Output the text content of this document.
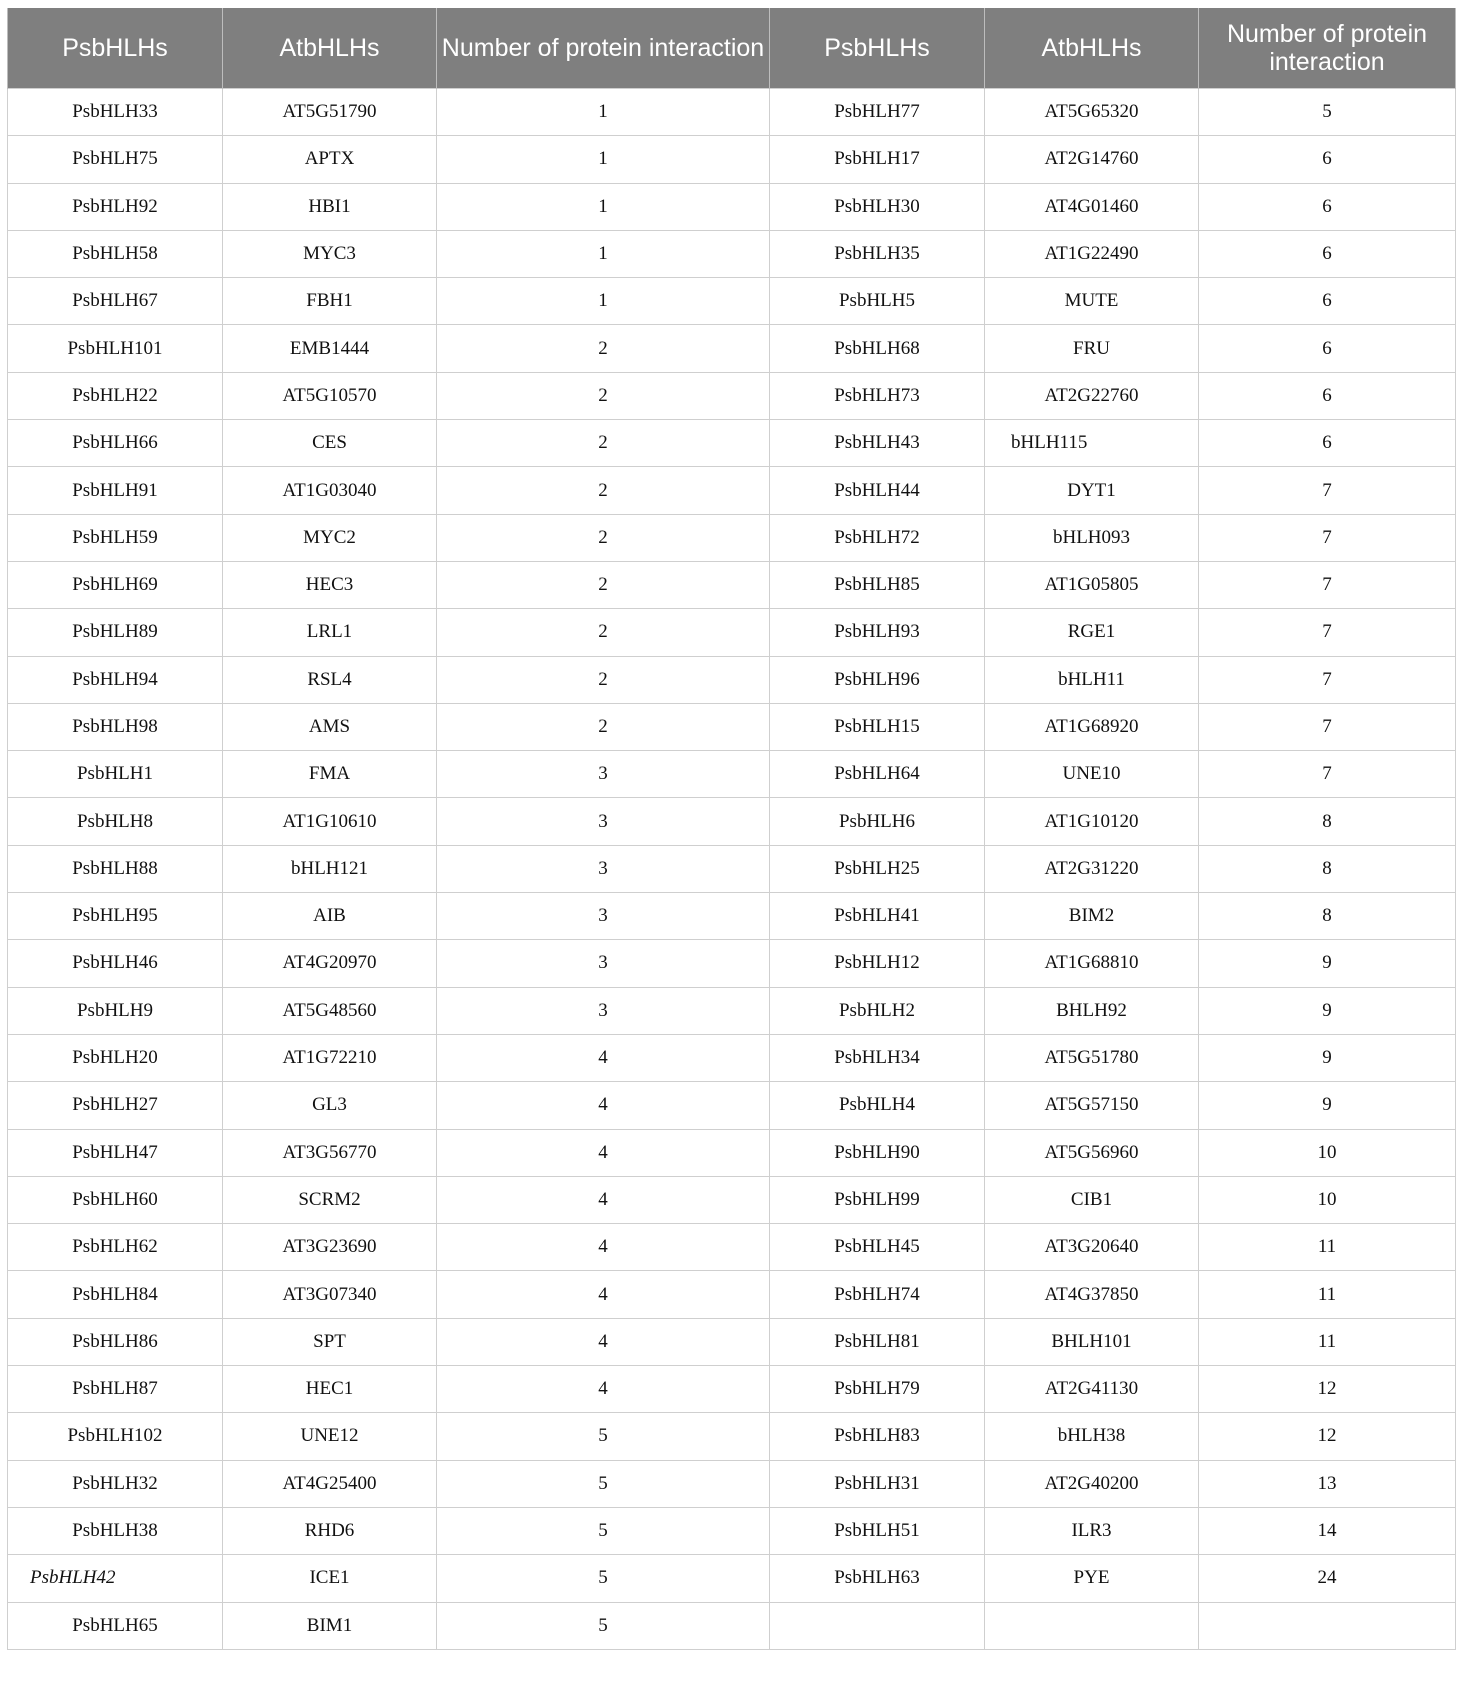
PsbHLHs	AtbHLHs	Number of protein interaction	PsbHLHs	AtbHLHs	Number of protein interaction
PsbHLH33	AT5G51790	1	PsbHLH77	AT5G65320	5
PsbHLH75	APTX	1	PsbHLH17	AT2G14760	6
PsbHLH92	HBI1	1	PsbHLH30	AT4G01460	6
PsbHLH58	MYC3	1	PsbHLH35	AT1G22490	6
PsbHLH67	FBH1	1	PsbHLH5	MUTE	6
PsbHLH101	EMB1444	2	PsbHLH68	FRU	6
PsbHLH22	AT5G10570	2	PsbHLH73	AT2G22760	6
PsbHLH66	CES	2	PsbHLH43	bHLH115	6
PsbHLH91	AT1G03040	2	PsbHLH44	DYT1	7
PsbHLH59	MYC2	2	PsbHLH72	bHLH093	7
PsbHLH69	HEC3	2	PsbHLH85	AT1G05805	7
PsbHLH89	LRL1	2	PsbHLH93	RGE1	7
PsbHLH94	RSL4	2	PsbHLH96	bHLH11	7
PsbHLH98	AMS	2	PsbHLH15	AT1G68920	7
PsbHLH1	FMA	3	PsbHLH64	UNE10	7
PsbHLH8	AT1G10610	3	PsbHLH6	AT1G10120	8
PsbHLH88	bHLH121	3	PsbHLH25	AT2G31220	8
PsbHLH95	AIB	3	PsbHLH41	BIM2	8
PsbHLH46	AT4G20970	3	PsbHLH12	AT1G68810	9
PsbHLH9	AT5G48560	3	PsbHLH2	BHLH92	9
PsbHLH20	AT1G72210	4	PsbHLH34	AT5G51780	9
PsbHLH27	GL3	4	PsbHLH4	AT5G57150	9
PsbHLH47	AT3G56770	4	PsbHLH90	AT5G56960	10
PsbHLH60	SCRM2	4	PsbHLH99	CIB1	10
PsbHLH62	AT3G23690	4	PsbHLH45	AT3G20640	11
PsbHLH84	AT3G07340	4	PsbHLH74	AT4G37850	11
PsbHLH86	SPT	4	PsbHLH81	BHLH101	11
PsbHLH87	HEC1	4	PsbHLH79	AT2G41130	12
PsbHLH102	UNE12	5	PsbHLH83	bHLH38	12
PsbHLH32	AT4G25400	5	PsbHLH31	AT2G40200	13
PsbHLH38	RHD6	5	PsbHLH51	ILR3	14
PsbHLH42	ICE1	5	PsbHLH63	PYE	24
PsbHLH65	BIM1	5			
